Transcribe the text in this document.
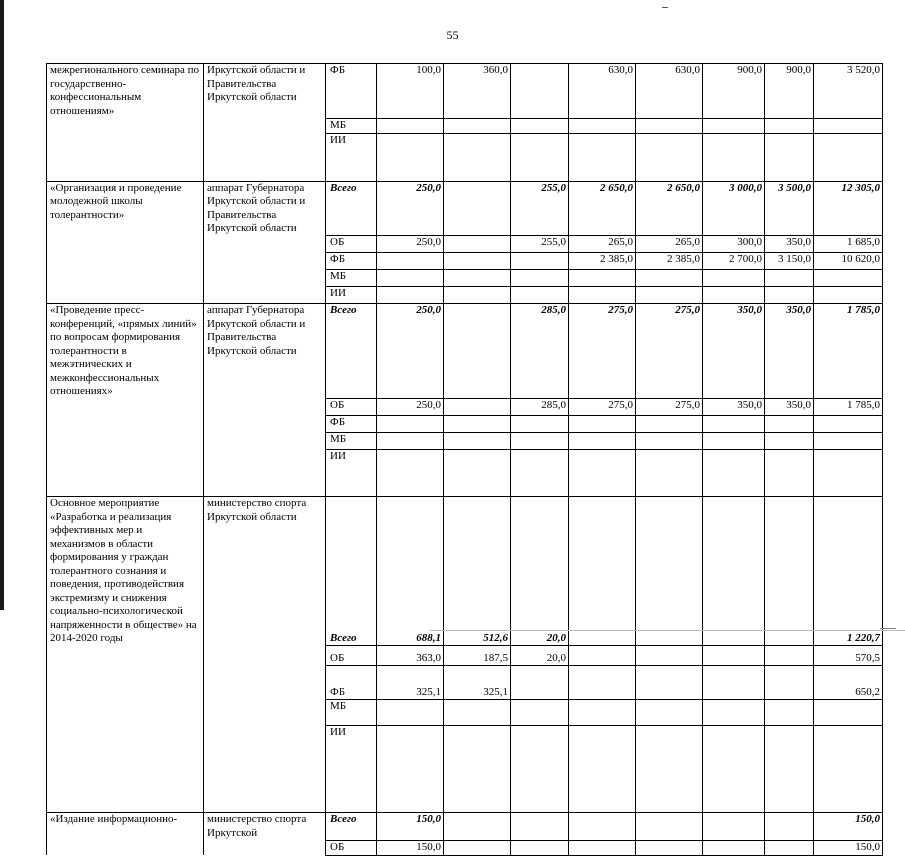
55
межрегионального семинара по государственно-конфессиональным отношениям»	Иркутской области и Правительства Иркутской области	ФБ	100,0	360,0		630,0	630,0	900,0	900,0	3 520,0
		МБ								
		ИИ								
«Организация и проведение молодежной школы толерантности»	аппарат Губернатора Иркутской области и Правительства Иркутской области	Всего	250,0		255,0	2 650,0	2 650,0	3 000,0	3 500,0	12 305,0
		ОБ	250,0		255,0	265,0	265,0	300,0	350,0	1 685,0
		ФБ				2 385,0	2 385,0	2 700,0	3 150,0	10 620,0
		МБ								
		ИИ								
«Проведение пресс-конференций, «прямых линий» по вопросам формирования толерантности в межэтнических и межконфессиональных отношениях»	аппарат Губернатора Иркутской области и Правительства Иркутской области	Всего	250,0		285,0	275,0	275,0	350,0	350,0	1 785,0
		ОБ	250,0		285,0	275,0	275,0	350,0	350,0	1 785,0
		ФБ								
		МБ								
		ИИ								
Основное мероприятие «Разработка и реализация эффективных мер и механизмов в области формирования у граждан толерантного сознания и поведения, противодействия экстремизму и снижения социально-психологической напряженности в обществе» на 2014-2020 годы	министерство спорта Иркутской области	Всего	688,1	512,6	20,0					1 220,7
		ОБ	363,0	187,5	20,0					570,5
		ФБ	325,1	325,1						650,2
		МБ								
		ИИ								
«Издание информационно-	министерство спорта Иркутской	Всего	150,0							150,0
		ОБ	150,0							150,0
